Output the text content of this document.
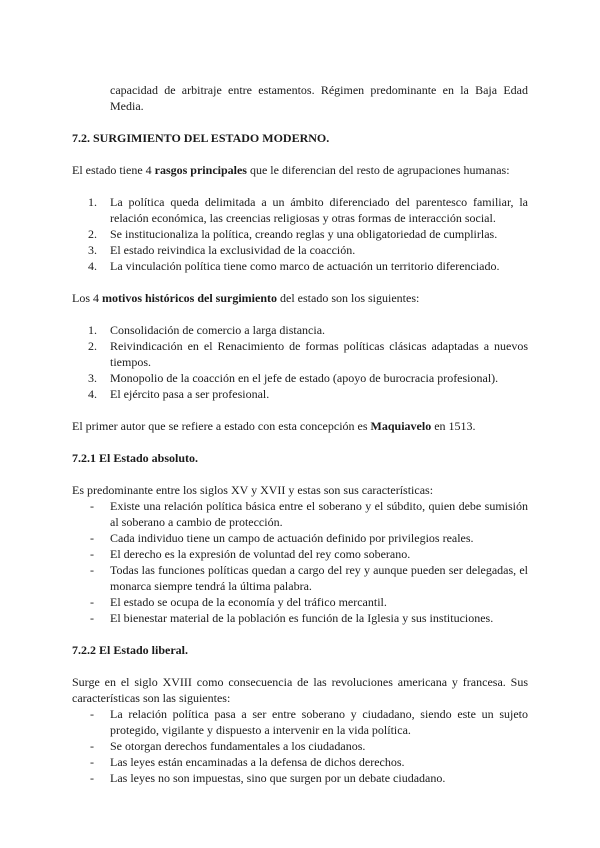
capacidad de arbitraje entre estamentos. Régimen predominante en la Baja Edad Media.

7.2. SURGIMIENTO DEL ESTADO MODERNO.

El estado tiene 4 rasgos principales que le diferencian del resto de agrupaciones humanas:

1. La política queda delimitada a un ámbito diferenciado del parentesco familiar, la relación económica, las creencias religiosas y otras formas de interacción social.
2. Se institucionaliza la política, creando reglas y una obligatoriedad de cumplirlas.
3. El estado reivindica la exclusividad de la coacción.
4. La vinculación política tiene como marco de actuación un territorio diferenciado.

Los 4 motivos históricos del surgimiento del estado son los siguientes:

1. Consolidación de comercio a larga distancia.
2. Reivindicación en el Renacimiento de formas políticas clásicas adaptadas a nuevos tiempos.
3. Monopolio de la coacción en el jefe de estado (apoyo de burocracia profesional).
4. El ejército pasa a ser profesional.

El primer autor que se refiere a estado con esta concepción es Maquiavelo en 1513.

7.2.1 El Estado absoluto.

Es predominante entre los siglos XV y XVII y estas son sus características:

- Existe una relación política básica entre el soberano y el súbdito, quien debe sumisión al soberano a cambio de protección.
- Cada individuo tiene un campo de actuación definido por privilegios reales.
- El derecho es la expresión de voluntad del rey como soberano.
- Todas las funciones políticas quedan a cargo del rey y aunque pueden ser delegadas, el monarca siempre tendrá la última palabra.
- El estado se ocupa de la economía y del tráfico mercantil.
- El bienestar material de la población es función de la Iglesia y sus instituciones.

7.2.2 El Estado liberal.

Surge en el siglo XVIII como consecuencia de las revoluciones americana y francesa. Sus características son las siguientes:

- La relación política pasa a ser entre soberano y ciudadano, siendo este un sujeto protegido, vigilante y dispuesto a intervenir en la vida política.
- Se otorgan derechos fundamentales a los ciudadanos.
- Las leyes están encaminadas a la defensa de dichos derechos.
- Las leyes no son impuestas, sino que surgen por un debate ciudadano.
